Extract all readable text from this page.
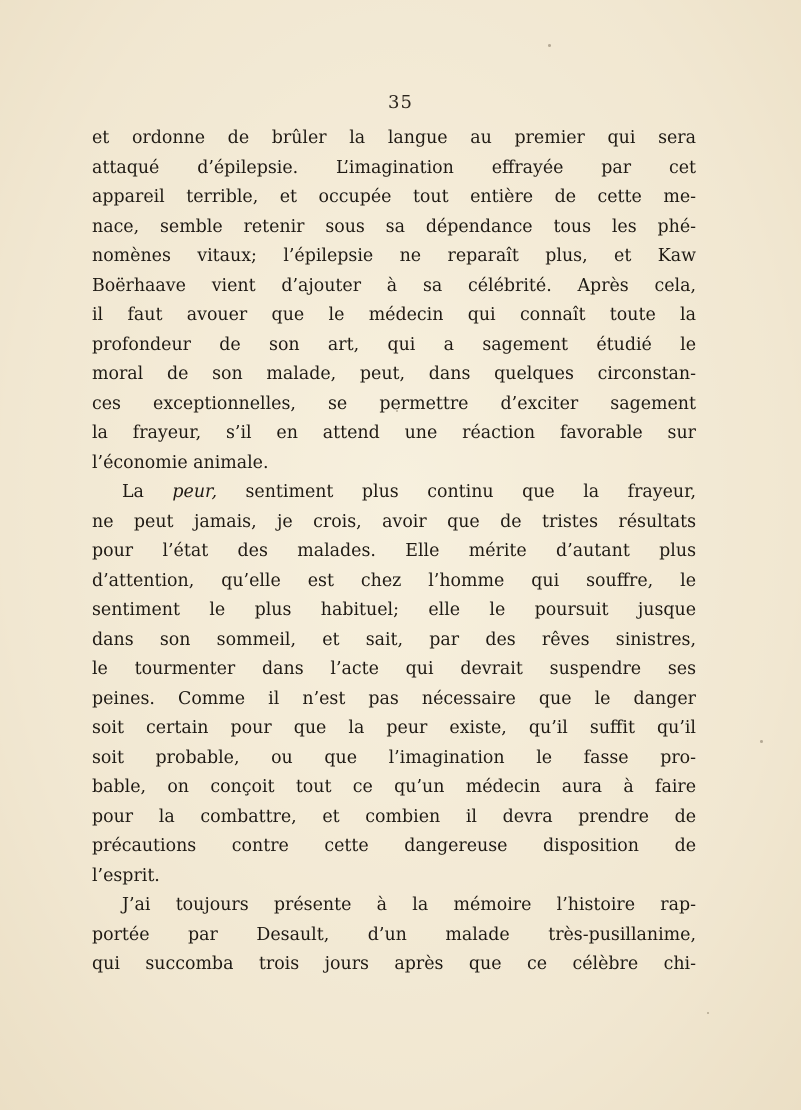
35
et ordonne de brûler la langue au premier qui sera
attaqué d’épilepsie. L’imagination effrayée par cet
appareil terrible, et occupée tout entière de cette me-
nace, semble retenir sous sa dépendance tous les phé-
nomènes vitaux; l’épilepsie ne reparaît plus, et Kaw
Boërhaave vient d’ajouter à sa célébrité. Après cela,
il faut avouer que le médecin qui connaît toute la
profondeur de son art, qui a sagement étudié le
moral de son malade, peut, dans quelques circonstan-
ces exceptionnelles, se permettre d’exciter sagement
la frayeur, s’il en attend une réaction favorable sur
l’économie animale.
La peur, sentiment plus continu que la frayeur,
ne peut jamais, je crois, avoir que de tristes résultats
pour l’état des malades. Elle mérite d’autant plus
d’attention, qu’elle est chez l’homme qui souffre, le
sentiment le plus habituel; elle le poursuit jusque
dans son sommeil, et sait, par des rêves sinistres,
le tourmenter dans l’acte qui devrait suspendre ses
peines. Comme il n’est pas nécessaire que le danger
soit certain pour que la peur existe, qu’il suffit qu’il
soit probable, ou que l’imagination le fasse pro-
bable, on conçoit tout ce qu’un médecin aura à faire
pour la combattre, et combien il devra prendre de
précautions contre cette dangereuse disposition de
l’esprit.
J’ai toujours présente à la mémoire l’histoire rap-
portée par Desault, d’un malade très-pusillanime,
qui succomba trois jours après que ce célèbre chi-
